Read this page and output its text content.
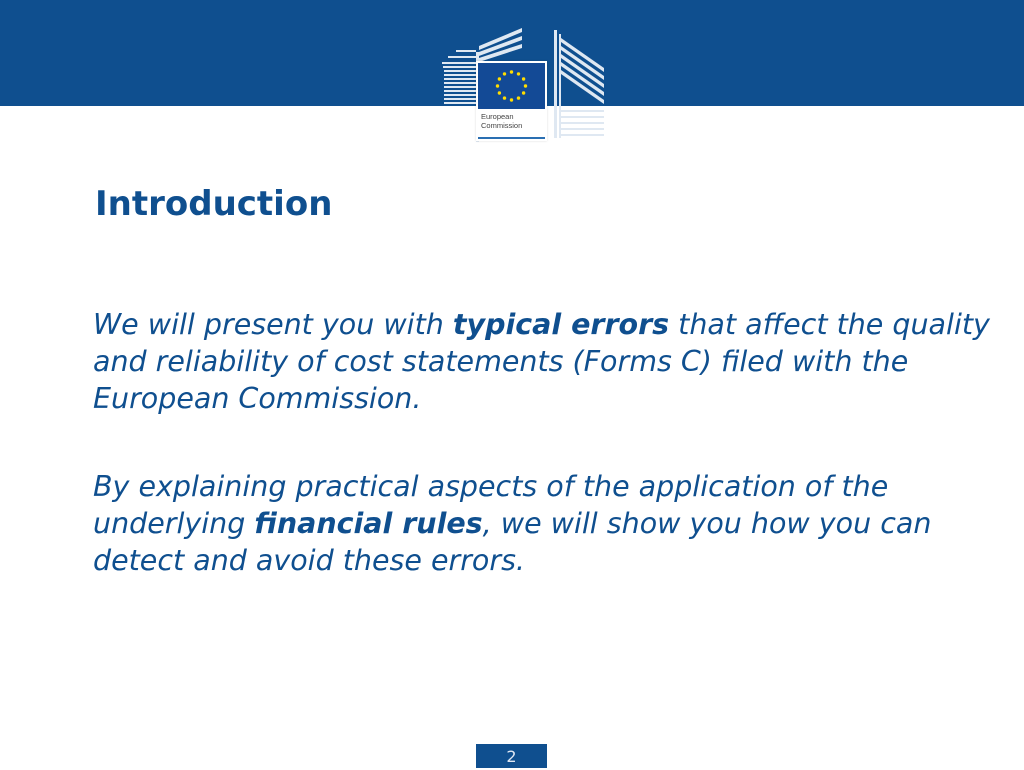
European
Commission
Introduction

We will present you with typical errors that affect the quality and reliability of cost statements (Forms C) filed with the European Commission.

By explaining practical aspects of the application of the underlying financial rules, we will show you how you can detect and avoid these errors.

2
